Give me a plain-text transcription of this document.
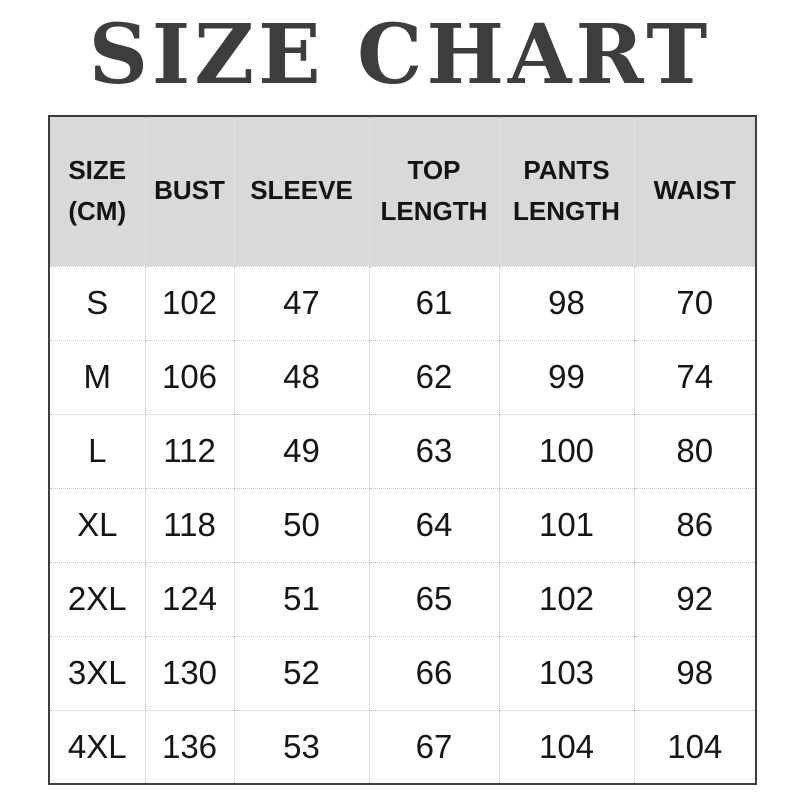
SIZE CHART
SIZE (CM)	BUST	SLEEVE	TOP LENGTH	PANTS LENGTH	WAIST
S	102	47	61	98	70
M	106	48	62	99	74
L	112	49	63	100	80
XL	118	50	64	101	86
2XL	124	51	65	102	92
3XL	130	52	66	103	98
4XL	136	53	67	104	104
